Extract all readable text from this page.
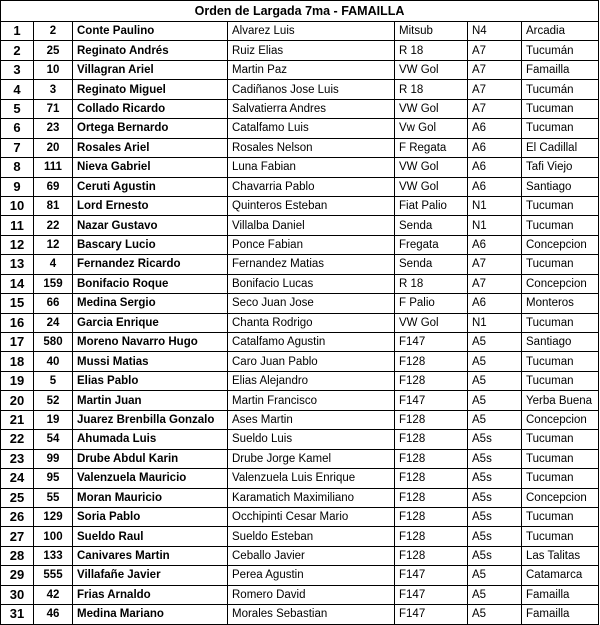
Orden de Largada 7ma - FAMAILLA						
1	2	Conte Paulino	Alvarez Luis	Mitsub	N4	Arcadia
2	25	Reginato Andrés	Ruiz Elias	R 18	A7	Tucumán
3	10	Villagran Ariel	Martin Paz	VW Gol	A7	Famailla
4	3	Reginato Miguel	Cadiñanos Jose Luis	R 18	A7	Tucumán
5	71	Collado Ricardo	Salvatierra Andres	VW Gol	A7	Tucuman
6	23	Ortega Bernardo	Catalfamo Luis	Vw Gol	A6	Tucuman
7	20	Rosales Ariel	Rosales Nelson	F Regata	A6	El Cadillal
8	111	Nieva Gabriel	Luna Fabian	VW Gol	A6	Tafi Viejo
9	69	Ceruti Agustin	Chavarria Pablo	VW Gol	A6	Santiago
10	81	Lord Ernesto	Quinteros Esteban	Fiat Palio	N1	Tucuman
11	22	Nazar Gustavo	Villalba Daniel	Senda	N1	Tucuman
12	12	Bascary Lucio	Ponce Fabian	Fregata	A6	Concepcion
13	4	Fernandez Ricardo	Fernandez Matias	Senda	A7	Tucuman
14	159	Bonifacio Roque	Bonifacio Lucas	R 18	A7	Concepcion
15	66	Medina Sergio	Seco Juan Jose	F Palio	A6	Monteros
16	24	Garcia Enrique	Chanta Rodrigo	VW Gol	N1	Tucuman
17	580	Moreno Navarro Hugo	Catalfamo Agustin	F147	A5	Santiago
18	40	Mussi Matias	Caro Juan Pablo	F128	A5	Tucuman
19	5	Elias Pablo	Elias Alejandro	F128	A5	Tucuman
20	52	Martin Juan	Martin Francisco	F147	A5	Yerba Buena
21	19	Juarez Brenbilla Gonzalo	Ases Martin	F128	A5	Concepcion
22	54	Ahumada Luis	Sueldo Luis	F128	A5s	Tucuman
23	99	Drube Abdul Karin	Drube Jorge Kamel	F128	A5s	Tucuman
24	95	Valenzuela Mauricio	Valenzuela Luis Enrique	F128	A5s	Tucuman
25	55	Moran Mauricio	Karamatich Maximiliano	F128	A5s	Concepcion
26	129	Soria Pablo	Occhipinti Cesar Mario	F128	A5s	Tucuman
27	100	Sueldo Raul	Sueldo Esteban	F128	A5s	Tucuman
28	133	Canivares Martin	Ceballo Javier	F128	A5s	Las Talitas
29	555	Villafañe Javier	Perea Agustin	F147	A5	Catamarca
30	42	Frias Arnaldo	Romero David	F147	A5	Famailla
31	46	Medina Mariano	Morales Sebastian	F147	A5	Famailla
